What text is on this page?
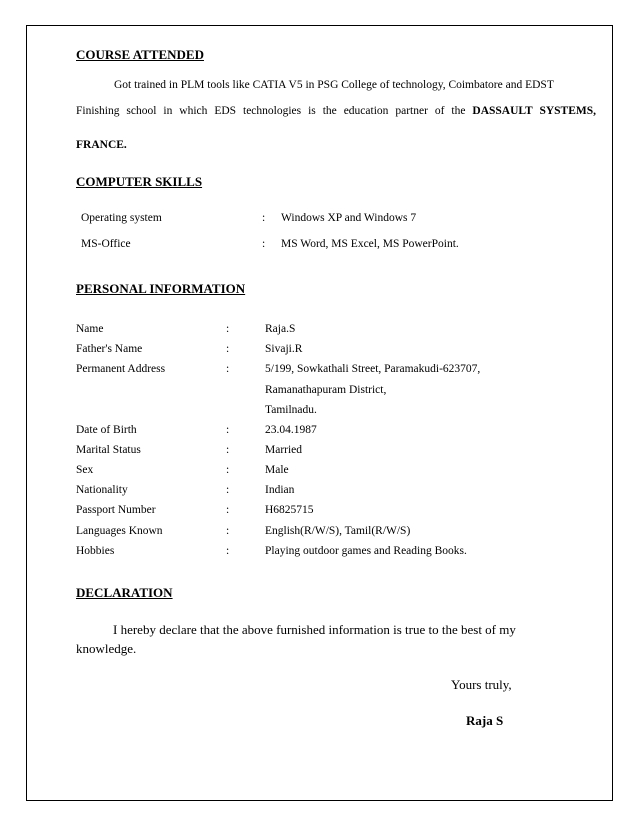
COURSE ATTENDED
Got trained in PLM tools like CATIA V5 in PSG College of technology, Coimbatore and EDST
Finishing school in which EDS technologies is the education partner of the DASSAULT SYSTEMS,
FRANCE.
COMPUTER SKILLS
Operating system	: Windows XP and Windows 7
MS-Office	: MS Word, MS Excel, MS PowerPoint.
PERSONAL INFORMATION
Name	:	Raja.S
Father's Name	:	Sivaji.R
Permanent Address	:	5/199, Sowkathali Street, Paramakudi-623707,
Ramanathapuram District,
Tamilnadu.
Date of Birth	:	23.04.1987
Marital Status	:	Married
Sex	:	Male
Nationality	:	Indian
Passport Number	:	H6825715
Languages Known	:	English(R/W/S), Tamil(R/W/S)
Hobbies	:	Playing outdoor games and Reading Books.
DECLARATION
I hereby declare that the above furnished information is true to the best of my
knowledge.
Yours truly,
Raja S
